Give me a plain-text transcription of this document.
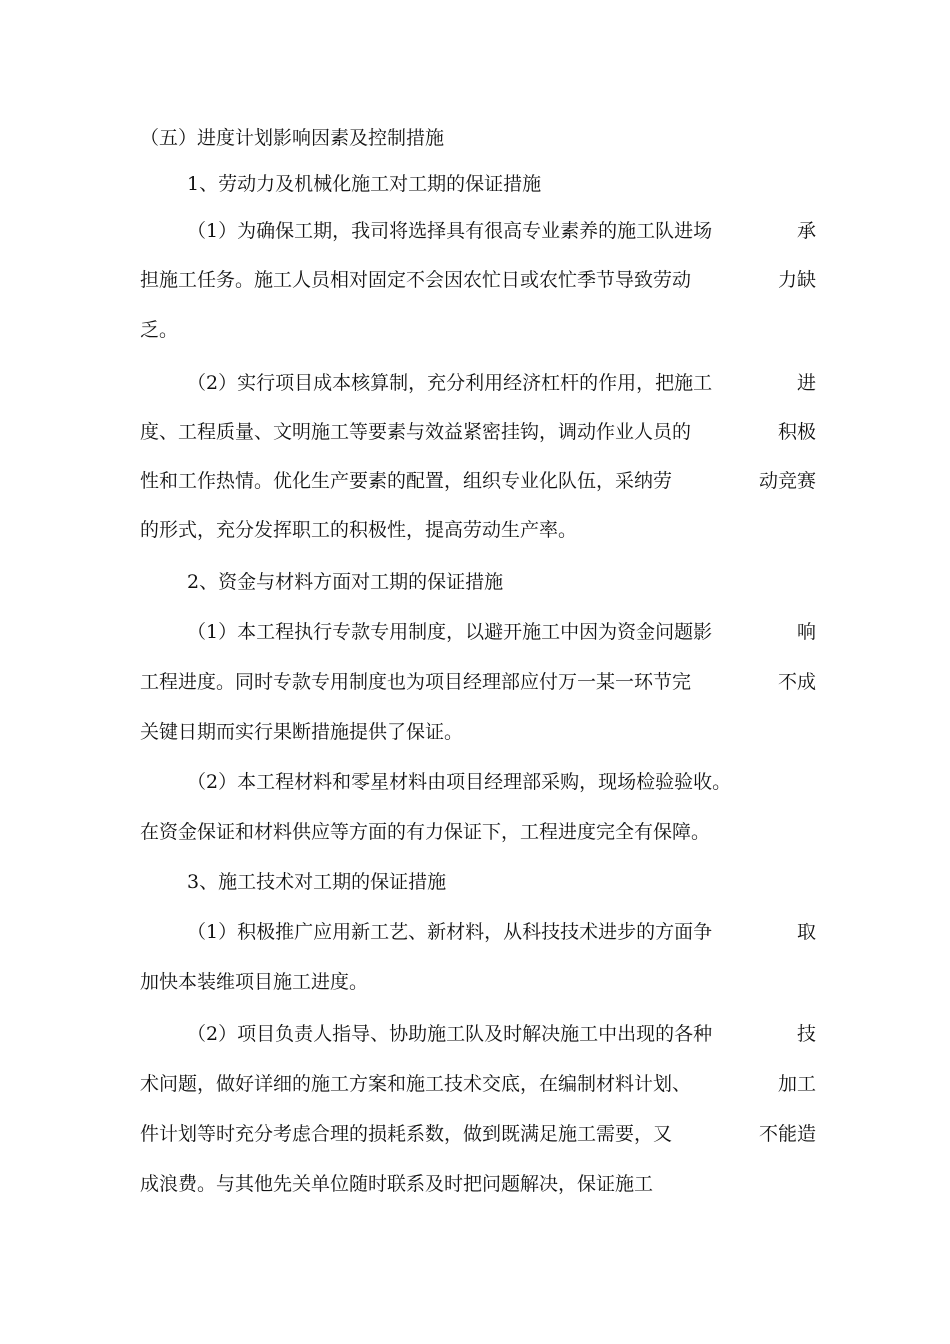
（五）进度计划影响因素及控制措施
1、劳动力及机械化施工对工期的保证措施
（1）为确保工期，我司将选择具有很高专业素养的施工队进场	承
担施工任务。施工人员相对固定不会因农忙日或农忙季节导致劳动	力缺
乏。
（2）实行项目成本核算制，充分利用经济杠杆的作用，把施工	进
度、工程质量、文明施工等要素与效益紧密挂钩，调动作业人员的	积极
性和工作热情。优化生产要素的配置，组织专业化队伍，采纳劳	动竞赛
的形式，充分发挥职工的积极性，提高劳动生产率。
2、资金与材料方面对工期的保证措施
（1）本工程执行专款专用制度，以避开施工中因为资金问题影	响
工程进度。同时专款专用制度也为项目经理部应付万一某一环节完	不成
关键日期而实行果断措施提供了保证。
（2）本工程材料和零星材料由项目经理部采购，现场检验验收。
在资金保证和材料供应等方面的有力保证下，工程进度完全有保障。
3、施工技术对工期的保证措施
（1）积极推广应用新工艺、新材料，从科技技术进步的方面争	取
加快本装维项目施工进度。
（2）项目负责人指导、协助施工队及时解决施工中出现的各种	技
术问题，做好详细的施工方案和施工技术交底，在编制材料计划、	加工
件计划等时充分考虑合理的损耗系数，做到既满足施工需要，又	不能造
成浪费。与其他先关单位随时联系及时把问题解决，保证施工
